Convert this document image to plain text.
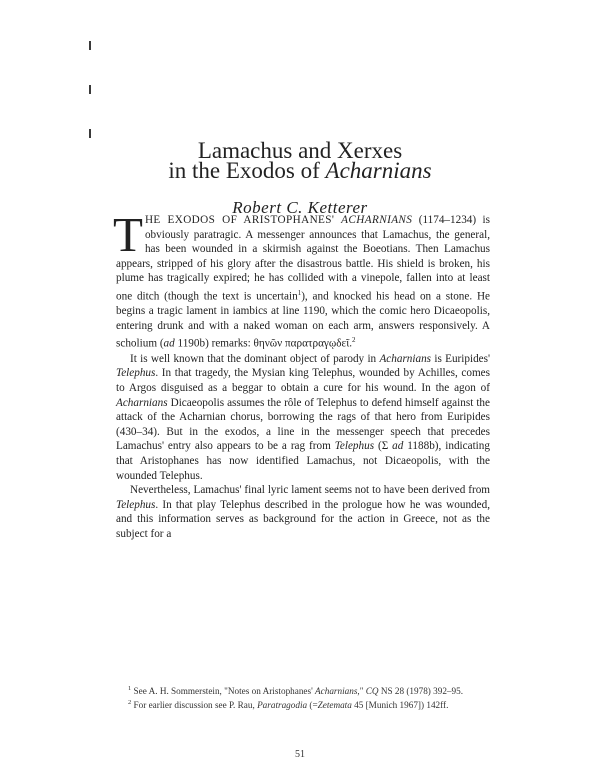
Lamachus and Xerxes
in the Exodos of Acharnians
Robert C. Ketterer

THE EXODOS OF ARISTOPHANES' ACHARNIANS (1174–1234) is obviously paratragic. A messenger announces that Lamachus, the general, has been wounded in a skirmish against the Boeotians. Then Lamachus appears, stripped of his glory after the disastrous battle. His shield is broken, his plume has tragically expired; he has collided with a vinepole, fallen into at least one ditch (though the text is uncertain$^1$), and knocked his head on a stone. He begins a tragic lament in iambics at line 1190, which the comic hero Dicaeopolis, entering drunk and with a naked woman on each arm, answers responsively. A scholium (ad 1190b) remarks: θηνῶν παρατραγῳδεῖ.$^2$

It is well known that the dominant object of parody in Acharnians is Euripides' Telephus. In that tragedy, the Mysian king Telephus, wounded by Achilles, comes to Argos disguised as a beggar to obtain a cure for his wound. In the agon of Acharnians Dicaeopolis assumes the rôle of Telephus to defend himself against the attack of the Acharnian chorus, borrowing the rags of that hero from Euripides (430–34). But in the exodos, a line in the messenger speech that precedes Lamachus' entry also appears to be a rag from Telephus (Σ ad 1188b), indicating that Aristophanes has now identified Lamachus, not Dicaeopolis, with the wounded Telephus.

Nevertheless, Lamachus' final lyric lament seems not to have been derived from Telephus. In that play Telephus described in the prologue how he was wounded, and this information serves as background for the action in Greece, not as the subject for a

$^1$ See A. H. Sommerstein, "Notes on Aristophanes' Acharnians," CQ NS 28 (1978) 392–95.

$^2$ For earlier discussion see P. Rau, Paratragodia (=Zetemata 45 [Munich 1967]) 142ff.

51
